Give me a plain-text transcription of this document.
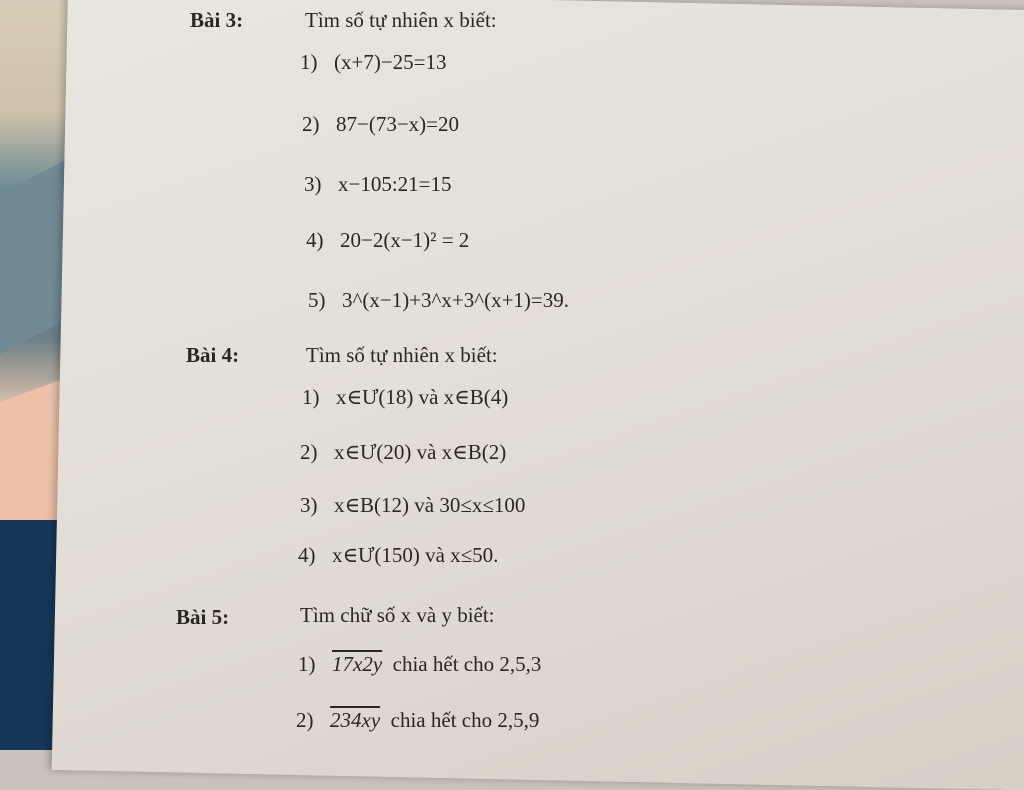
Bài 3:	Tìm số tự nhiên x biết:
1) (x+7)−25=13
2) 87−(73−x)=20
3) x−105:21=15
4) 20−2(x−1)² = 2
5) 3^(x−1)+3^x+3^(x+1)=39.
Bài 4:	Tìm số tự nhiên x biết:
1) x∈Ư(18) và x∈B(4)
2) x∈Ư(20) và x∈B(2)
3) x∈B(12) và 30≤x≤100
4) x∈Ư(150) và x≤50.
Bài 5:	Tìm chữ số x và y biết:
1) 17x2y chia hết cho 2,5,3
2) 234xy chia hết cho 2,5,9
